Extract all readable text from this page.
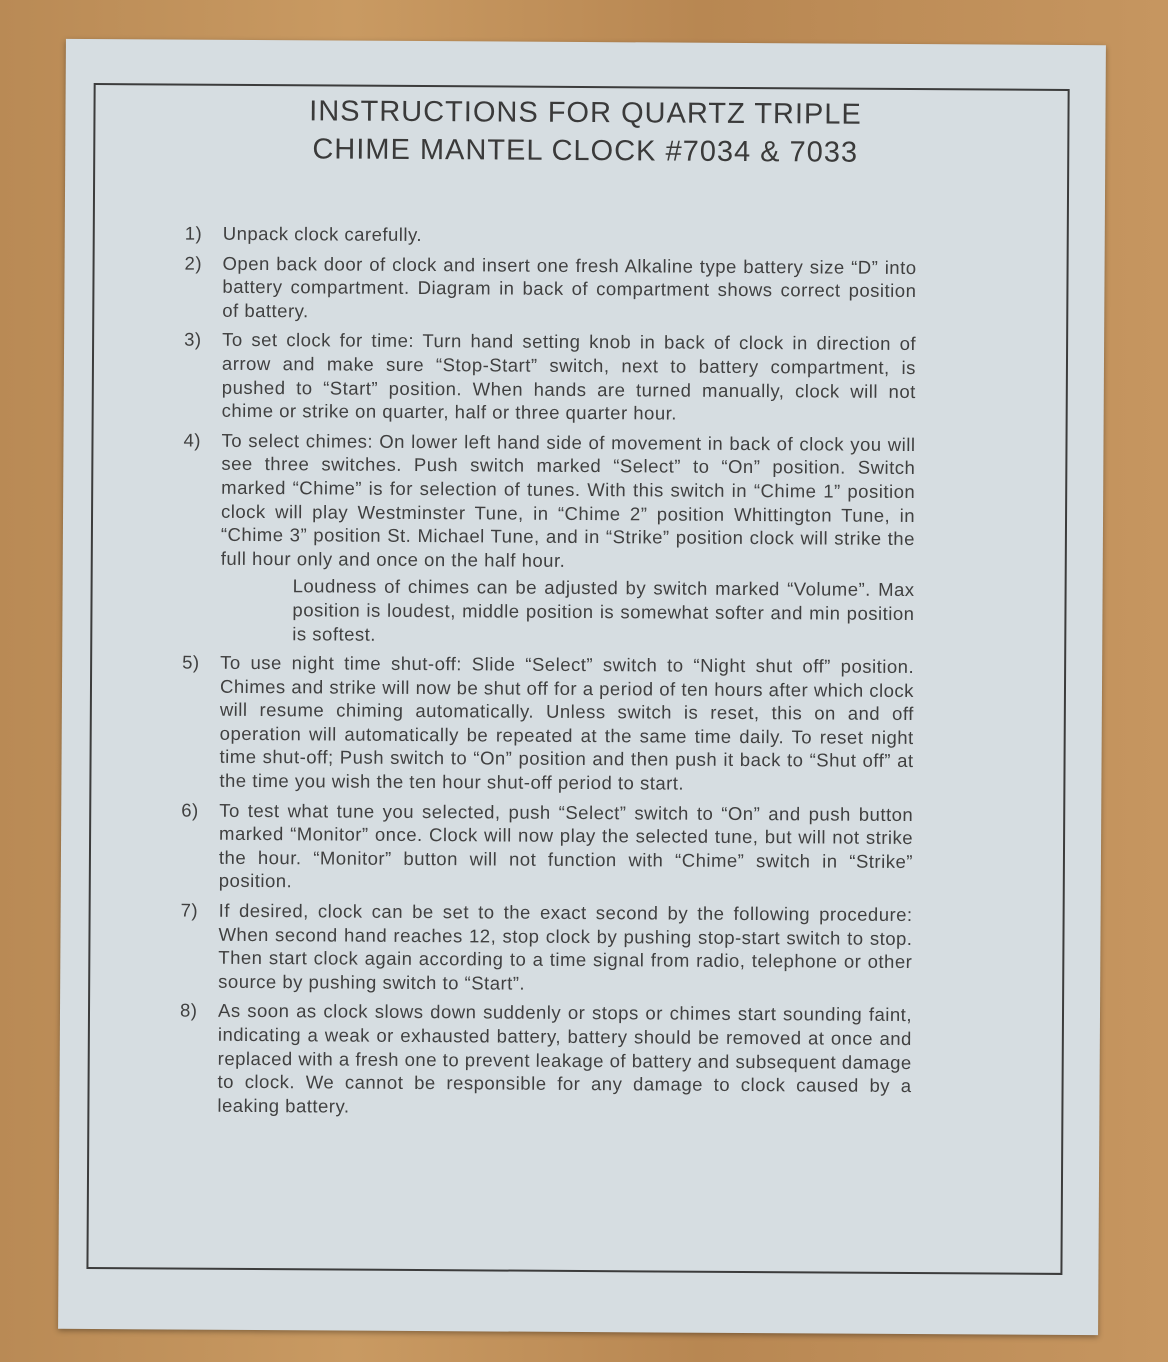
INSTRUCTIONS FOR QUARTZ TRIPLE
CHIME MANTEL CLOCK #7034 & 7033
1) Unpack clock carefully.
2) Open back door of clock and insert one fresh Alkaline type battery size “D” into battery compartment. Diagram in back of compartment shows correct position of battery.
3) To set clock for time: Turn hand setting knob in back of clock in direction of arrow and make sure “Stop-Start” switch, next to battery compartment, is pushed to “Start” position. When hands are turned manually, clock will not chime or strike on quarter, half or three quarter hour.
4) To select chimes: On lower left hand side of movement in back of clock you will see three switches. Push switch marked “Select” to “On” position. Switch marked “Chime” is for selection of tunes. With this switch in “Chime 1” position clock will play Westminster Tune, in “Chime 2” position Whittington Tune, in “Chime 3” position St. Michael Tune, and in “Strike” position clock will strike the full hour only and once on the half hour.
Loudness of chimes can be adjusted by switch marked “Volume”. Max position is loudest, middle position is somewhat softer and min position is softest.
5) To use night time shut-off: Slide “Select” switch to “Night shut off” position. Chimes and strike will now be shut off for a period of ten hours after which clock will resume chiming automatically. Unless switch is reset, this on and off operation will automatically be repeated at the same time daily. To reset night time shut-off; Push switch to “On” position and then push it back to “Shut off” at the time you wish the ten hour shut-off period to start.
6) To test what tune you selected, push “Select” switch to “On” and push button marked “Monitor” once. Clock will now play the selected tune, but will not strike the hour. “Monitor” button will not function with “Chime” switch in “Strike” position.
7) If desired, clock can be set to the exact second by the following procedure: When second hand reaches 12, stop clock by pushing stop-start switch to stop. Then start clock again according to a time signal from radio, telephone or other source by pushing switch to “Start”.
8) As soon as clock slows down suddenly or stops or chimes start sounding faint, indicating a weak or exhausted battery, battery should be removed at once and replaced with a fresh one to prevent leakage of battery and subsequent damage to clock. We cannot be responsible for any damage to clock caused by a leaking battery.
